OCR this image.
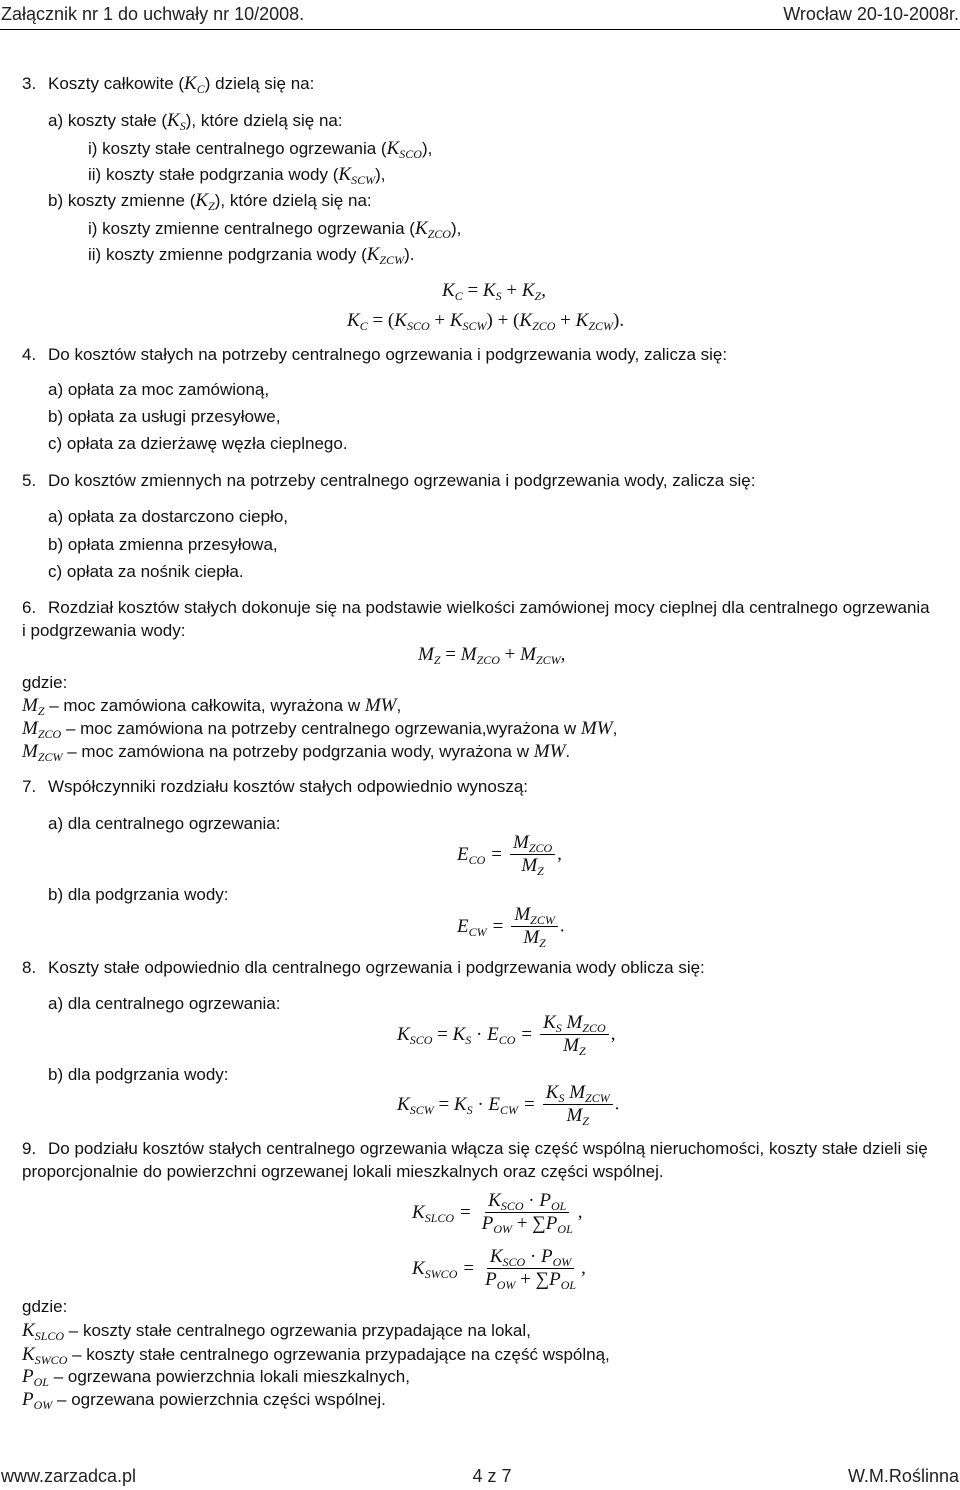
Załącznik nr 1 do uchwały nr 10/2008.	Wrocław 20-10-2008r.
3. Koszty całkowite $(K_C)$ dzielą się na:
a) koszty stałe $(K_S)$, które dzielą się na:
i) koszty stałe centralnego ogrzewania $(K_{SCO})$,
ii) koszty stałe podgrzania wody $(K_{SCW})$,
b) koszty zmienne $(K_Z)$, które dzielą się na:
i) koszty zmienne centralnego ogrzewania $(K_{ZCO})$,
ii) koszty zmienne podgrzania wody $(K_{ZCW})$.
$K_C = K_S + K_Z$,
$K_C = (K_{SCO} + K_{SCW}) + (K_{ZCO} + K_{ZCW})$.
4. Do kosztów stałych na potrzeby centralnego ogrzewania i podgrzewania wody, zalicza się:
a) opłata za moc zamówioną,
b) opłata za usługi przesyłowe,
c) opłata za dzierżawę węzła cieplnego.
5. Do kosztów zmiennych na potrzeby centralnego ogrzewania i podgrzewania wody, zalicza się:
a) opłata za dostarczono ciepło,
b) opłata zmienna przesyłowa,
c) opłata za nośnik ciepła.
6. Rozdział kosztów stałych dokonuje się na podstawie wielkości zamówionej mocy cieplnej dla centralnego ogrzewania
i podgrzewania wody:
$M_Z = M_{ZCO} + M_{ZCW}$,
gdzie:
$M_Z$ – moc zamówiona całkowita, wyrażona w MW,
$M_{ZCO}$ – moc zamówiona na potrzeby centralnego ogrzewania,wyrażona w MW,
$M_{ZCW}$ – moc zamówiona na potrzeby podgrzania wody, wyrażona w MW.
7. Współczynniki rozdziału kosztów stałych odpowiednio wynoszą:
a) dla centralnego ogrzewania:
$E_{CO} = \frac{M_{ZCO}}{M_Z}$ ,
b) dla podgrzania wody:
$E_{CW} = \frac{M_{ZCW}}{M_Z}$ .
8. Koszty stałe odpowiednio dla centralnego ogrzewania i podgrzewania wody oblicza się:
a) dla centralnego ogrzewania:
$K_{SCO} = K_S \cdot E_{CO} = \frac{K_S M_{ZCO}}{M_Z}$ ,
b) dla podgrzania wody:
$K_{SCW} = K_S \cdot E_{CW} = \frac{K_S M_{ZCW}}{M_Z}$ .
9. Do podziału kosztów stałych centralnego ogrzewania włącza się część wspólną nieruchomości, koszty stałe dzieli się
proporcjonalnie do powierzchni ogrzewanej lokali mieszkalnych oraz części wspólnej.
$K_{SLCO} = \frac{K_{SCO} \cdot P_{OL}}{P_{OW} + \sum P_{OL}}$ ,
$K_{SWCO} = \frac{K_{SCO} \cdot P_{OW}}{P_{OW} + \sum P_{OL}}$ ,
gdzie:
$K_{SLCO}$ – koszty stałe centralnego ogrzewania przypadające na lokal,
$K_{SWCO}$ – koszty stałe centralnego ogrzewania przypadające na część wspólną,
$P_{OL}$ – ogrzewana powierzchnia lokali mieszkalnych,
$P_{OW}$ – ogrzewana powierzchnia części wspólnej.
www.zarzadca.pl	4 z 7	W.M.Roślinna
